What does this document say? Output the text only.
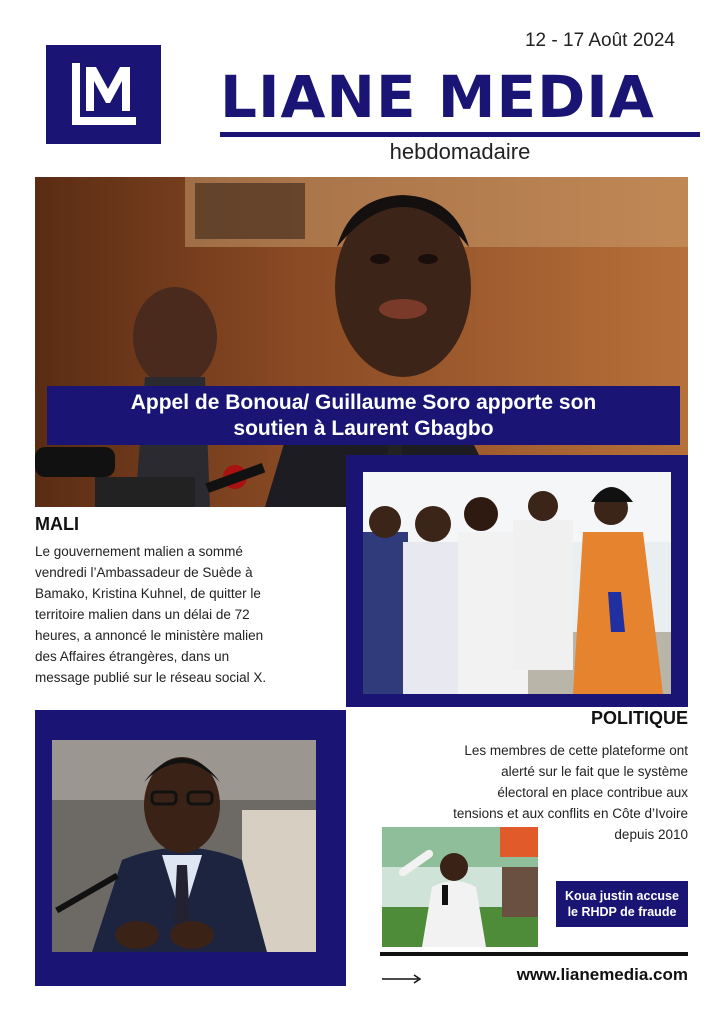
12 - 17 Août 2024
LIANE MEDIA
hebdomadaire
Appel de Bonoua/ Guillaume Soro apporte son
soutien à Laurent Gbagbo
MALI
Le gouvernement malien a sommé
vendredi l’Ambassadeur de Suède à
Bamako, Kristina Kuhnel, de quitter le
territoire malien dans un délai de 72
heures, a annoncé le ministère malien
des Affaires étrangères, dans un
message publié sur le réseau social X.
POLITIQUE
Les membres de cette plateforme ont
alerté sur le fait que le système
électoral en place contribue aux
tensions et aux conflits en Côte d’Ivoire
depuis 2010
Koua justin accuse
le RHDP de fraude
www.lianemedia.com
